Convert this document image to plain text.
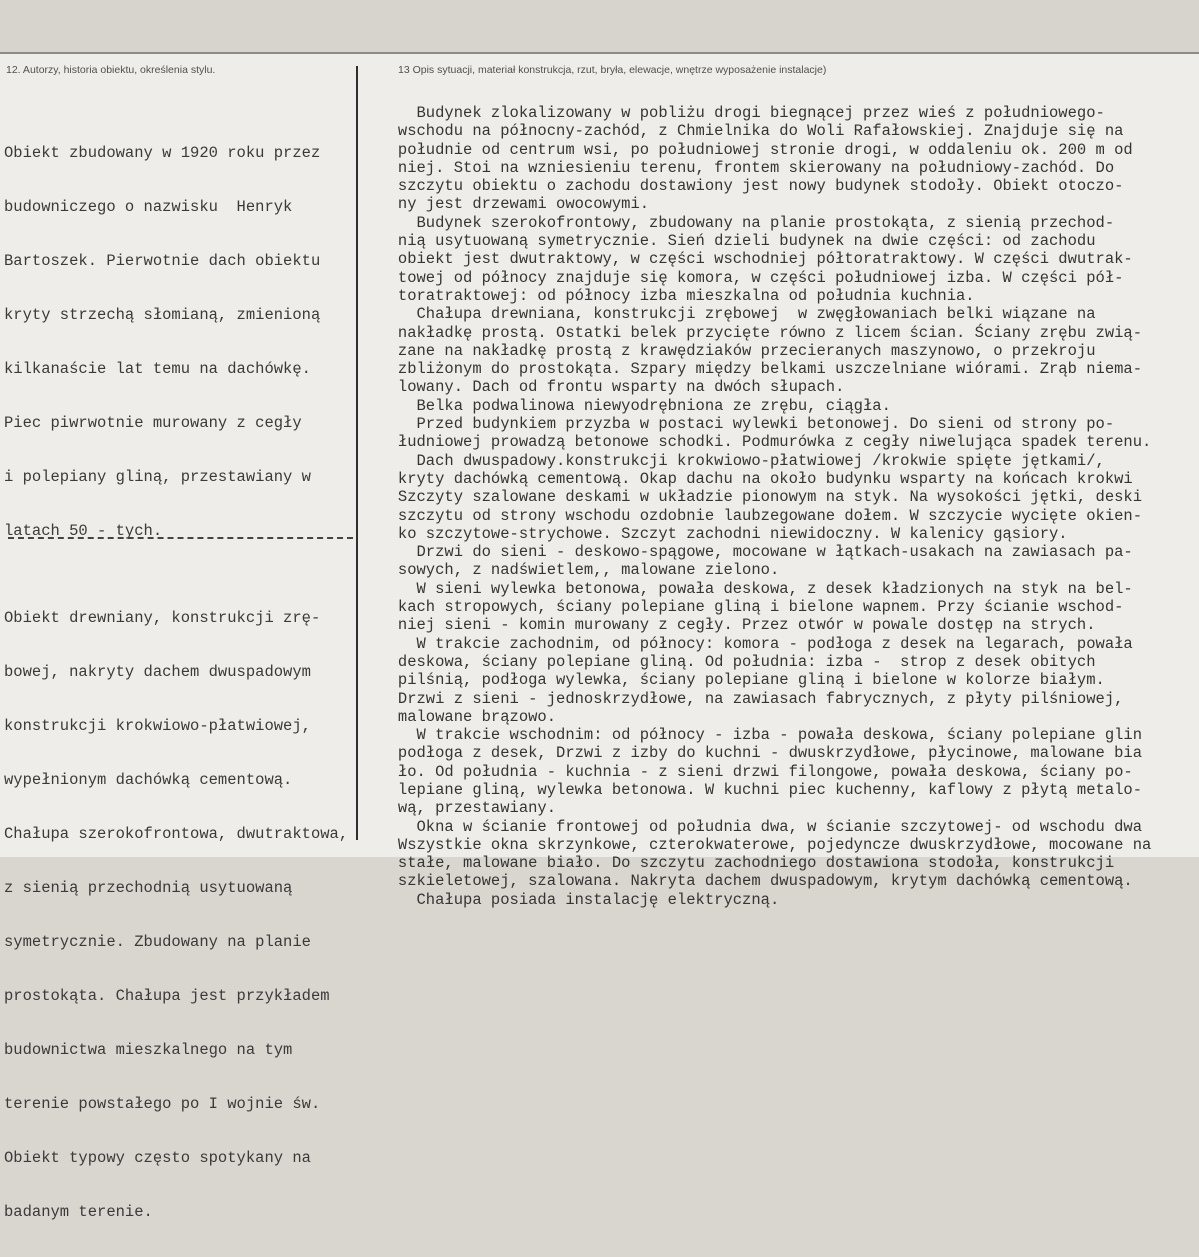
12. Autorzy, historia obiektu, określenia stylu.	13 Opis sytuacji, materiał konstrukcja, rzut, bryła, elewacje, wnętrze wyposażenie instalacje)

Obiekt zbudowany w 1920 roku przez

budowniczego o nazwisku  Henryk

Bartoszek. Pierwotnie dach obiektu

kryty strzechą słomianą, zmienioną

kilkanaście lat temu na dachówkę.

Piec piwrwotnie murowany z cegły

i polepiany gliną, przestawiany w

latach 50 - tych.

Obiekt drewniany, konstrukcji zrę-

bowej, nakryty dachem dwuspadowym

konstrukcji krokwiowo-płatwiowej,

wypełnionym dachówką cementową.

Chałupa szerokofrontowa, dwutraktowa,

z sienią przechodnią usytuowaną

symetrycznie. Zbudowany na planie

prostokąta. Chałupa jest przykładem

budownictwa mieszkalnego na tym

terenie powstałego po I wojnie św.

Obiekt typowy często spotykany na

badanym terenie.

Budynek zlokalizowany w pobliżu drogi biegnącej przez wieś z południowego-
wschodu na północny-zachód, z Chmielnika do Woli Rafałowskiej. Znajduje się na
południe od centrum wsi, po południowej stronie drogi, w oddaleniu ok. 200 m od
niej. Stoi na wzniesieniu terenu, frontem skierowany na południowy-zachód. Do
szczytu obiektu o zachodu dostawiony jest nowy budynek stodoły. Obiekt otoczo-
ny jest drzewami owocowymi.
Budynek szerokofrontowy, zbudowany na planie prostokąta, z sienią przechod-
nią usytuowaną symetrycznie. Sień dzieli budynek na dwie części: od zachodu
obiekt jest dwutraktowy, w części wschodniej półtoratraktowy. W części dwutrak-
towej od północy znajduje się komora, w części południowej izba. W części pół-
toratraktowej: od północy izba mieszkalna od południa kuchnia.
Chałupa drewniana, konstrukcji zrębowej  w zwęgłowaniach belki wiązane na
nakładkę prostą. Ostatki belek przycięte równo z licem ścian. Ściany zrębu zwią-
zane na nakładkę prostą z krawędziaków przecieranych maszynowo, o przekroju
zbliżonym do prostokąta. Szpary między belkami uszczelniane wiórami. Zrąb niema-
lowany. Dach od frontu wsparty na dwóch słupach.
Belka podwalinowa niewyodrębniona ze zrębu, ciągła.
Przed budynkiem przyzba w postaci wylewki betonowej. Do sieni od strony po-
łudniowej prowadzą betonowe schodki. Podmurówka z cegły niwelująca spadek terenu.
Dach dwuspadowy.konstrukcji krokwiowo-płatwiowej /krokwie spięte jętkami/,
kryty dachówką cementową. Okap dachu na około budynku wsparty na końcach krokwi
Szczyty szalowane deskami w układzie pionowym na styk. Na wysokości jętki, deski
szczytu od strony wschodu ozdobnie laubzegowane dołem. W szczycie wycięte okien-
ko szczytowe-strychowe. Szczyt zachodni niewidoczny. W kalenicy gąsiory.
Drzwi do sieni - deskowo-spągowe, mocowane w łątkach-usakach na zawiasach pa-
sowych, z nadświetlem,, malowane zielono.
W sieni wylewka betonowa, powała deskowa, z desek kładzionych na styk na bel-
kach stropowych, ściany polepiane gliną i bielone wapnem. Przy ścianie wschod-
niej sieni - komin murowany z cegły. Przez otwór w powale dostęp na strych.
W trakcie zachodnim, od północy: komora - podłoga z desek na legarach, powała
deskowa, ściany polepiane gliną. Od południa: izba -  strop z desek obitych
pilśnią, podłoga wylewka, ściany polepiane gliną i bielone w kolorze białym.
Drzwi z sieni - jednoskrzydłowe, na zawiasach fabrycznych, z płyty pilśniowej,
malowane brązowo.
W trakcie wschodnim: od północy - izba - powała deskowa, ściany polepiane glin
podłoga z desek, Drzwi z izby do kuchni - dwuskrzydłowe, płycinowe, malowane bia
ło. Od południa - kuchnia - z sieni drzwi filongowe, powała deskowa, ściany po-
lepiane gliną, wylewka betonowa. W kuchni piec kuchenny, kaflowy z płytą metalo-
wą, przestawiany.
Okna w ścianie frontowej od południa dwa, w ścianie szczytowej- od wschodu dwa
Wszystkie okna skrzynkowe, czterokwaterowe, pojedyncze dwuskrzydłowe, mocowane na
stałe, malowane biało. Do szczytu zachodniego dostawiona stodoła, konstrukcji
szkieletowej, szalowana. Nakryta dachem dwuspadowym, krytym dachówką cementową.
Chałupa posiada instalację elektryczną.
